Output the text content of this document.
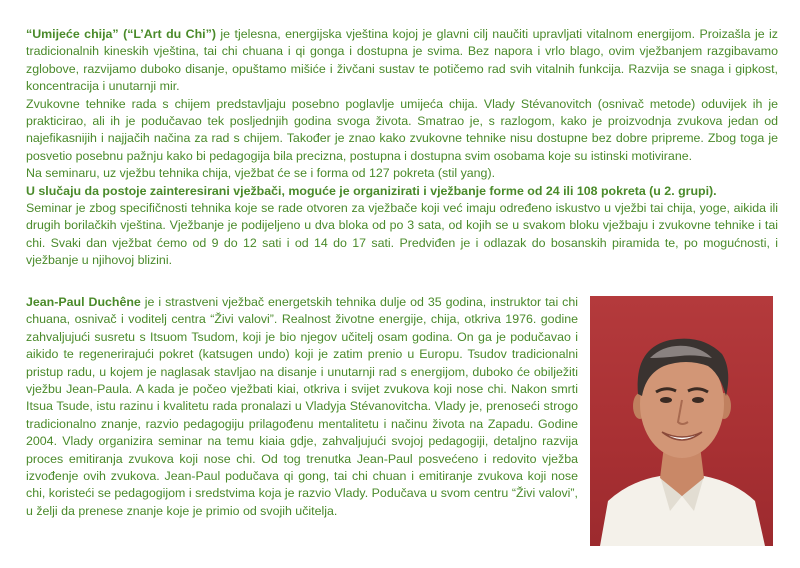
“Umijeće chija” (“L’Art du Chi”) je tjelesna, energijska vještina kojoj je glavni cilj naučiti upravljati vitalnom energijom. Proizašla je iz tradicionalnih kineskih vještina, tai chi chuana i qi gonga i dostupna je svima. Bez napora i vrlo blago, ovim vježbanjem razgibavamo zglobove, razvijamo duboko disanje, opuštamo mišiće i živčani sustav te potičemo rad svih vitalnih funkcija. Razvija se snaga i gipkost, koncentracija i unutarnji mir.

Zvukovne tehnike rada s chijem predstavljaju posebno poglavlje umijeća chija. Vlady Stévanovitch (osnivač metode) oduvijek ih je prakticirao, ali ih je podučavao tek posljednjih godina svoga života. Smatrao je, s razlogom, kako je proizvodnja zvukova jedan od najefikasnijih i najjačih načina za rad s chijem. Također je znao kako zvukovne tehnike nisu dostupne bez dobre pripreme. Zbog toga je posvetio posebnu pažnju kako bi pedagogija bila precizna, postupna i dostupna svim osobama koje su istinski motivirane.

Na seminaru, uz vježbu tehnika chija, vježbat će se i forma od 127 pokreta (stil yang).

U slučaju da postoje zainteresirani vježbači, moguće je organizirati i vježbanje forme od 24 ili 108 pokreta (u 2. grupi).

Seminar je zbog specifičnosti tehnika koje se rade otvoren za vježbače koji već imaju određeno iskustvo u vježbi tai chija, yoge, aikida ili drugih borilačkih vještina. Vježbanje je podijeljeno u dva bloka od po 3 sata, od kojih se u svakom bloku vježbaju i zvukovne tehnike i tai chi. Svaki dan vježbat ćemo od 9 do 12 sati i od 14 do 17 sati. Predviđen je i odlazak do bosanskih piramida te, po mogućnosti, i vježbanje u njihovoj blizini.

Jean-Paul Duchêne je i strastveni vježbač energetskih tehnika dulje od 35 godina, instruktor tai chi chuana, osnivač i voditelj centra “Živi valovi”. Realnost životne energije, chija, otkriva 1976. godine zahvaljujući susretu s Itsuom Tsudom, koji je bio njegov učitelj osam godina. On ga je podučavao i aikido te regenerirajući pokret (katsugen undo) koji je zatim prenio u Europu. Tsudov tradicionalni pristup radu, u kojem je naglasak stavljao na disanje i unutarnji rad s energijom, duboko će obilježiti vježbu Jean-Paula. A kada je počeo vježbati kiai, otkriva i svijet zvukova koji nose chi. Nakon smrti Itsua Tsude, istu razinu i kvalitetu rada pronalazi u Vladyja Stévanovitcha. Vlady je, prenoseći strogo tradicionalno znanje, razvio pedagogiju prilagođenu mentalitetu i načinu života na Zapadu. Godine 2004. Vlady organizira seminar na temu kiaia gdje, zahvaljujući svojoj pedagogiji, detaljno razvija proces emitiranja zvukova koji nose chi. Od tog trenutka Jean-Paul posvećeno i redovito vježba izvođenje ovih zvukova. Jean-Paul podučava qi gong, tai chi chuan i emitiranje zvukova koji nose chi, koristeći se pedagogijom i sredstvima koja je razvio Vlady. Podučava u svom centru “Živi valovi”, u želji da prenese znanje koje je primio od svojih učitelja.
